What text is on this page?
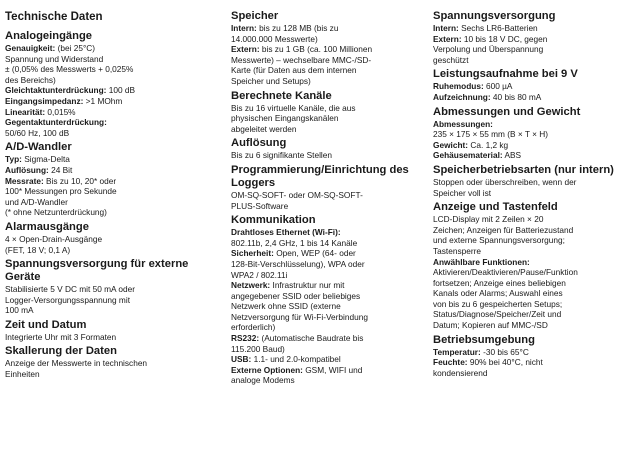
Technische Daten
Analogeingänge
Genauigkeit: (bei 25°C)
Spannung und Widerstand
± (0,05% des Messwerts + 0,025%
des Bereichs)
Gleichtaktunterdrückung: 100 dB
Eingangsimpedanz: >1 MOhm
Linearität: 0,015%
Gegentaktunterdrückung:
50/60 Hz, 100 dB
A/D-Wandler
Typ: Sigma-Delta
Auflösung: 24 Bit
Messrate: Bis zu 10, 20* oder
100* Messungen pro Sekunde
und A/D-Wandler
(* ohne Netzunterdrückung)
Alarmausgänge
4 × Open-Drain-Ausgänge
(FET, 18 V; 0,1 A)
Spannungsversorgung für externe Geräte
Stabilisierte 5 V DC mit 50 mA oder
Logger-Versorgungsspannung mit
100 mA
Zeit und Datum
Integrierte Uhr mit 3 Formaten
Skallerung der Daten
Anzeige der Messwerte in technischen
Einheiten
Speicher
Intern: bis zu 128 MB (bis zu
14.000.000 Messwerte)
Extern: bis zu 1 GB (ca. 100 Millionen
Messwerte) – wechselbare MMC-/SD-
Karte (für Daten aus dem internen
Speicher und Setups)
Berechnete Kanäle
Bis zu 16 virtuelle Kanäle, die aus
physischen Eingangskanälen
abgeleitet werden
Auflösung
Bis zu 6 signifikante Stellen
Programmierung/Einrichtung des Loggers
OM-SQ-SOFT- oder OM-SQ-SOFT-
PLUS-Software
Kommunikation
Drahtloses Ethernet (Wi-Fi):
802.11b, 2,4 GHz, 1 bis 14 Kanäle
Sicherheit: Open, WEP (64- oder
128-Bit-Verschlüsselung), WPA oder
WPA2 / 802.11i
Netzwerk: Infrastruktur nur mit
angegebener SSID oder beliebiges
Netzwerk ohne SSID (externe
Netzversorgung für Wi-Fi-Verbindung
erforderlich)
RS232: (Automatische Baudrate bis
115.200 Baud)
USB: 1.1- und 2.0-kompatibel
Externe Optionen: GSM, WIFI und
analoge Modems
Spannungsversorgung
Intern: Sechs LR6-Batterien
Extern: 10 bis 18 V DC, gegen
Verpolung und Überspannung
geschützt
Leistungsaufnahme bei 9 V
Ruhemodus: 600 µA
Aufzeichnung: 40 bis 80 mA
Abmessungen und Gewicht
Abmessungen:
235 × 175 × 55 mm (B × T × H)
Gewicht: Ca. 1,2 kg
Gehäusematerial: ABS
Speicherbetriebsarten (nur intern)
Stoppen oder überschreiben, wenn der
Speicher voll ist
Anzeige und Tastenfeld
LCD-Display mit 2 Zeilen × 20
Zeichen; Anzeigen für Batteriezustand
und externe Spannungsversorgung;
Tastensperre
Anwählbare Funktionen:
Aktivieren/Deaktivieren/Pause/Funktion
fortsetzen; Anzeige eines beliebigen
Kanals oder Alarms; Auswahl eines
von bis zu 6 gespeicherten Setups;
Status/Diagnose/Speicher/Zeit und
Datum; Kopieren auf MMC-/SD
Betriebsumgebung
Temperatur: -30 bis 65°C
Feuchte: 90% bei 40°C, nicht
kondensierend
